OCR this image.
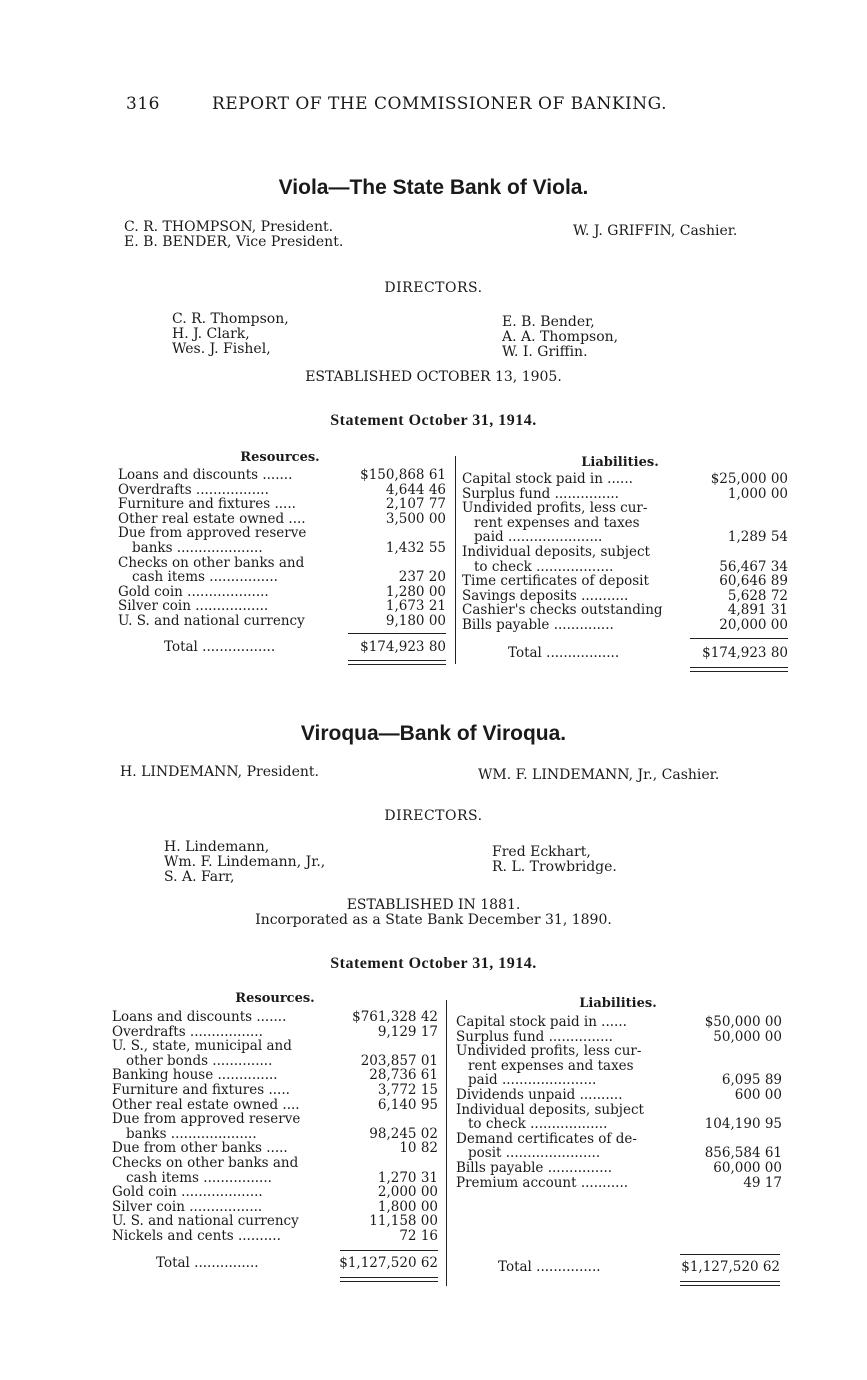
316	REPORT OF THE COMMISSIONER OF BANKING.
Viola—The State Bank of Viola.
C. R. THOMPSON, President.
E. B. BENDER, Vice President.
W. J. GRIFFIN, Cashier.
DIRECTORS.
C. R. Thompson,
H. J. Clark,
Wes. J. Fishel,
E. B. Bender,
A. A. Thompson,
W. I. Griffin.
ESTABLISHED OCTOBER 13, 1905.
Statement October 31, 1914.
Resources.	Liabilities.
Loans and discounts .......	$150,868 61
Overdrafts .................	4,644 46
Furniture and fixtures .....	2,107 77
Other real estate owned ....	3,500 00
Due from approved reserve
banks ....................	1,432 55
Checks on other banks and
cash items ................	237 20
Gold coin ...................	1,280 00
Silver coin .................	1,673 21
U. S. and national currency	9,180 00
Total .................	$174,923 80
Capital stock paid in ......	$25,000 00
Surplus fund ...............	1,000 00
Undivided profits, less cur-
rent expenses and taxes
paid ......................	1,289 54
Individual deposits, subject
to check ..................	56,467 34
Time certificates of deposit	60,646 89
Savings deposits ...........	5,628 72
Cashier's checks outstanding	4,891 31
Bills payable ..............	20,000 00
Total .................	$174,923 80
Viroqua—Bank of Viroqua.
H. LINDEMANN, President.	WM. F. LINDEMANN, Jr., Cashier.
DIRECTORS.
H. Lindemann,
Wm. F. Lindemann, Jr.,
S. A. Farr,
Fred Eckhart,
R. L. Trowbridge.
ESTABLISHED IN 1881.
Incorporated as a State Bank December 31, 1890.
Statement October 31, 1914.
Resources.	Liabilities.
Loans and discounts .......	$761,328 42
Overdrafts .................	9,129 17
U. S., state, municipal and
other bonds ..............	203,857 01
Banking house ..............	28,736 61
Furniture and fixtures .....	3,772 15
Other real estate owned ....	6,140 95
Due from approved reserve
banks ....................	98,245 02
Due from other banks .....	10 82
Checks on other banks and
cash items ................	1,270 31
Gold coin ...................	2,000 00
Silver coin .................	1,800 00
U. S. and national currency	11,158 00
Nickels and cents ..........	72 16
Total ...............	$1,127,520 62
Capital stock paid in ......	$50,000 00
Surplus fund ...............	50,000 00
Undivided profits, less cur-
rent expenses and taxes
paid ......................	6,095 89
Dividends unpaid ..........	600 00
Individual deposits, subject
to check ..................	104,190 95
Demand certificates of de-
posit ......................	856,584 61
Bills payable ...............	60,000 00
Premium account ...........	49 17
Total ...............	$1,127,520 62
